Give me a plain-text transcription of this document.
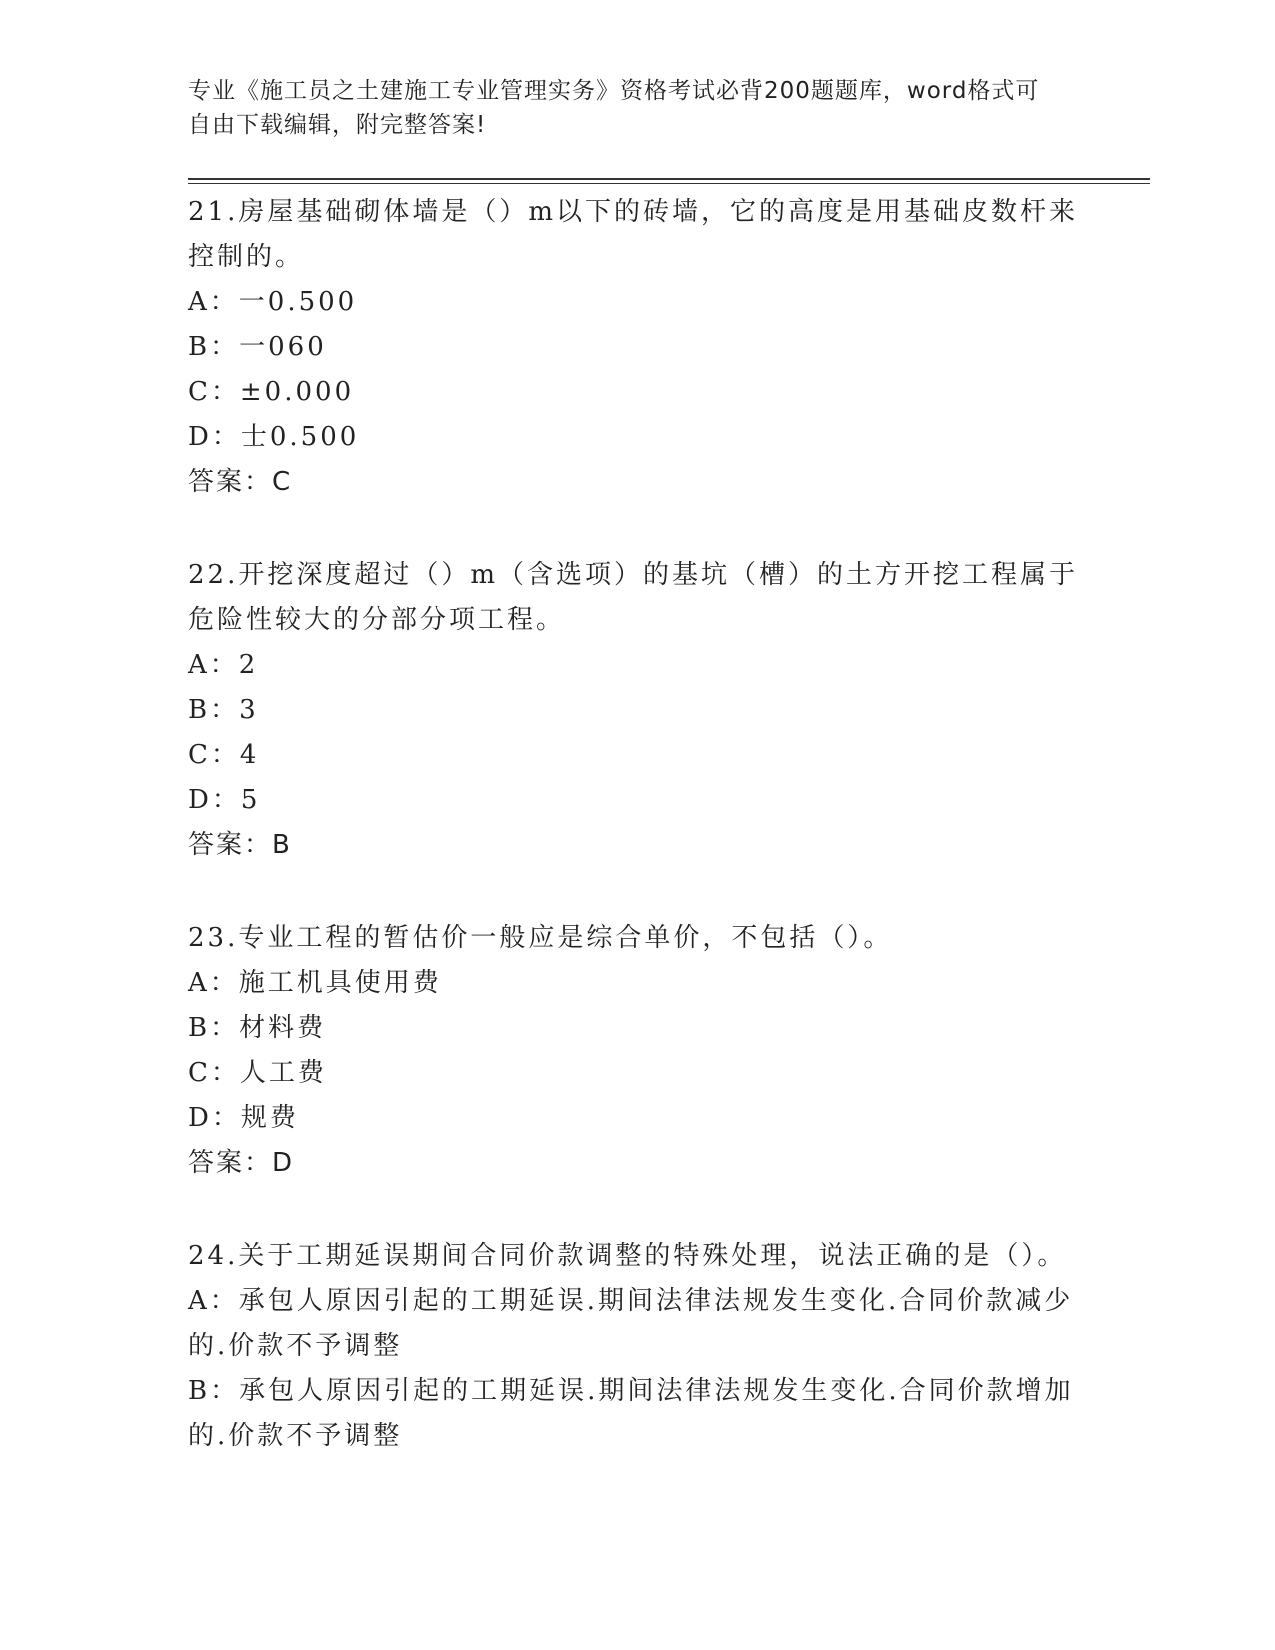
专业《施工员之土建施工专业管理实务》资格考试必背200题题库，word格式可
自由下载编辑，附完整答案!

21.房屋基础砌体墙是（）m以下的砖墙，它的高度是用基础皮数杆来

控制的。

A：一0.500

B：一060

C：±0.000

D：士0.500

答案：C

22.开挖深度超过（）m（含选项）的基坑（槽）的土方开挖工程属于

危险性较大的分部分项工程。

A：2

B：3

C：4

D：5

答案：B

23.专业工程的暂估价一般应是综合单价，不包括（）。

A：施工机具使用费

B：材料费

C：人工费

D：规费

答案：D

24.关于工期延误期间合同价款调整的特殊处理，说法正确的是（）。

A：承包人原因引起的工期延误.期间法律法规发生变化.合同价款减少

的.价款不予调整

B：承包人原因引起的工期延误.期间法律法规发生变化.合同价款增加

的.价款不予调整
